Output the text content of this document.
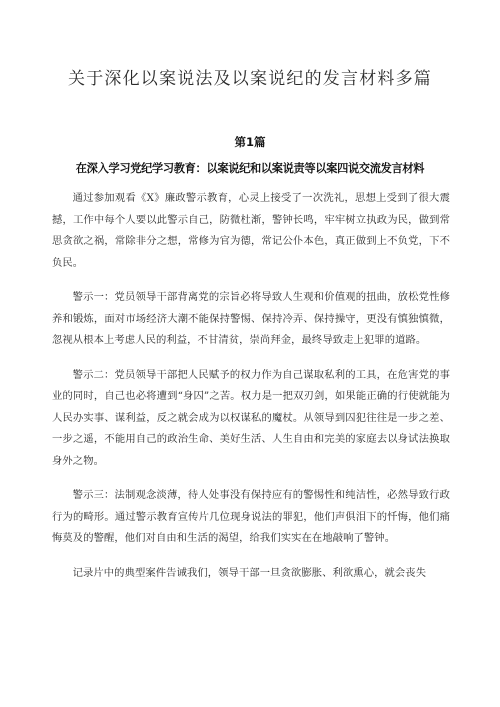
关于深化以案说法及以案说纪的发言材料多篇
第1篇
在深入学习党纪学习教育：以案说纪和以案说责等以案四说交流发言材料

通过参加观看《X》廉政警示教育，心灵上接受了一次洗礼，思想上受到了很大震撼，工作中每个人要以此警示自己，防微杜渐，警钟长鸣，牢牢树立执政为民，做到常思贪欲之祸，常除非分之想，常修为官为德，常记公仆本色，真正做到上不负党，下不负民。

警示一：党员领导干部背离党的宗旨必将导致人生观和价值观的扭曲，放松党性修养和锻炼，面对市场经济大潮不能保持警惕、保持冷弄、保持操守，更没有慎独慎微，忽视从根本上考虑人民的利益，不甘清贫，崇尚拜金，最终导致走上犯罪的道路。

警示二：党员领导干部把人民赋予的权力作为自己谋取私利的工具，在危害党的事业的同时，自己也必将遭到“身囚”之苦。权力是一把双刃剑，如果能正确的行使就能为人民办实事、谋利益，反之就会成为以权谋私的魔杖。从领导到囚犯往往是一步之差、一步之遥，不能用自己的政治生命、美好生活、人生自由和完美的家庭去以身试法换取身外之物。

警示三：法制观念淡薄，待人处事没有保持应有的警惕性和纯洁性，必然导致行政行为的畸形。通过警示教育宣传片几位现身说法的罪犯，他们声俱泪下的忏悔，他们痛悔莫及的警醒，他们对自由和生活的渴望，给我们实实在在地敲响了警钟。

记录片中的典型案件告诫我们，领导干部一旦贪欲膨胀、利欲熏心，就会丧失
